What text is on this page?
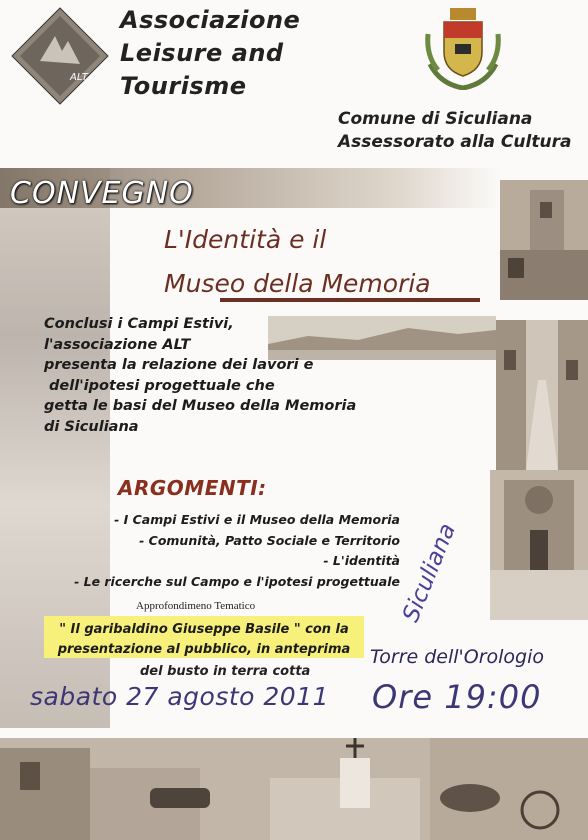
ALT
Associazione
Leisure and
Tourisme
Comune di Siculiana
Assessorato alla Cultura
CONVEGNO
L'Identità e il
Museo della Memoria
Conclusi i Campi Estivi,
l'associazione ALT
presenta la relazione dei lavori e
dell'ipotesi progettuale che
getta le basi del Museo della Memoria
di Siculiana
ARGOMENTI:
- I Campi Estivi e il Museo della Memoria
- Comunità, Patto Sociale e Territorio
- L'identità
- Le ricerche sul Campo e l'ipotesi progettuale
Approfondimeno Tematico
" Il garibaldino Giuseppe Basile " con la
presentazione al pubblico, in anteprima
del busto in terra cotta
Siculiana
Torre dell'Orologio
sabato 27 agosto 2011 Ore 19:00
